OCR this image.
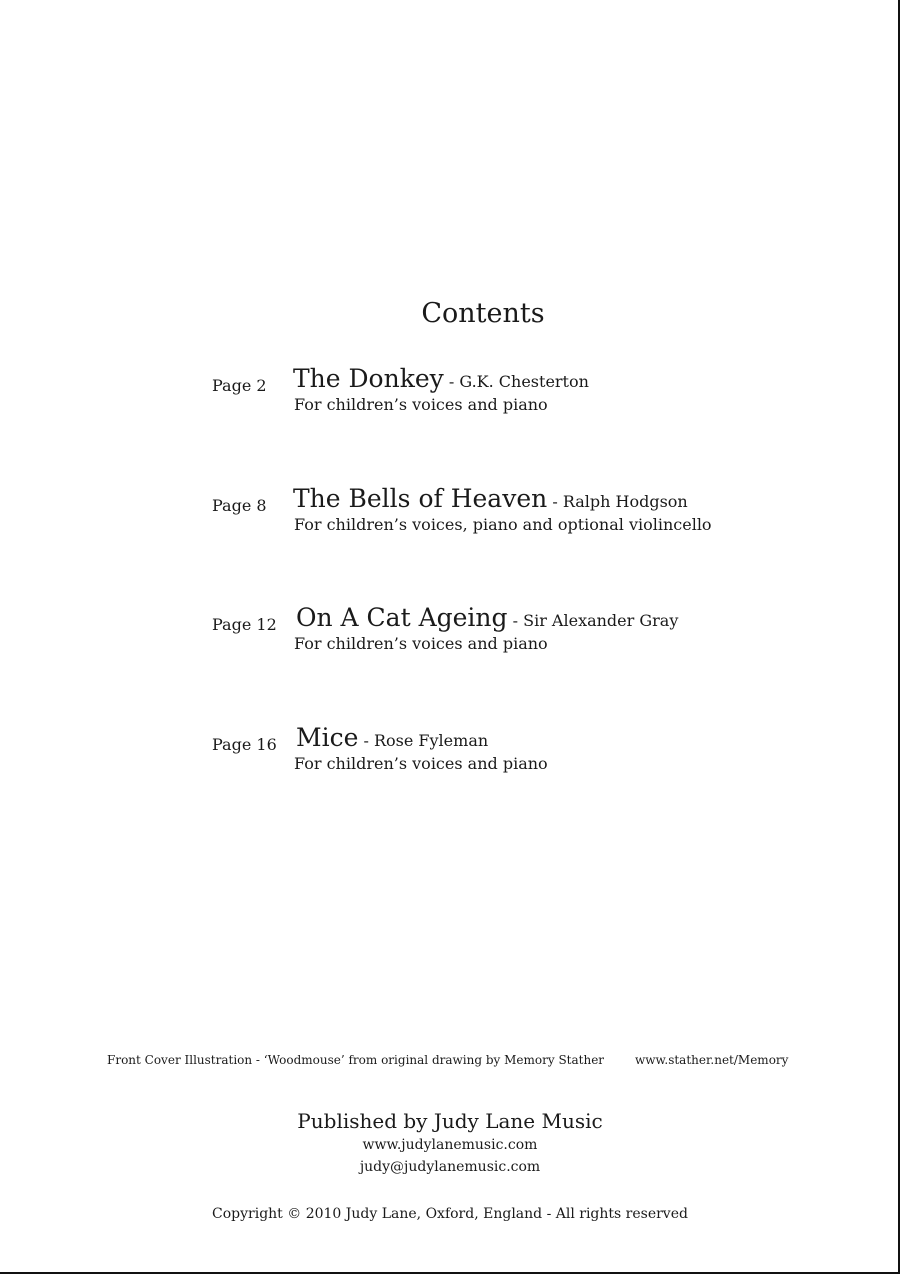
Contents
Page 2 The Donkey - G.K. Chesterton
For children’s voices and piano
Page 8 The Bells of Heaven - Ralph Hodgson
For children’s voices, piano and optional violincello
Page 12 On A Cat Ageing - Sir Alexander Gray
For children’s voices and piano
Page 16 Mice - Rose Fyleman
For children’s voices and piano
Front Cover Illustration - ‘Woodmouse’ from original drawing by Memory Stather	www.stather.net/Memory
Published by Judy Lane Music
www.judylanemusic.com
judy@judylanemusic.com
Copyright © 2010 Judy Lane, Oxford, England - All rights reserved
